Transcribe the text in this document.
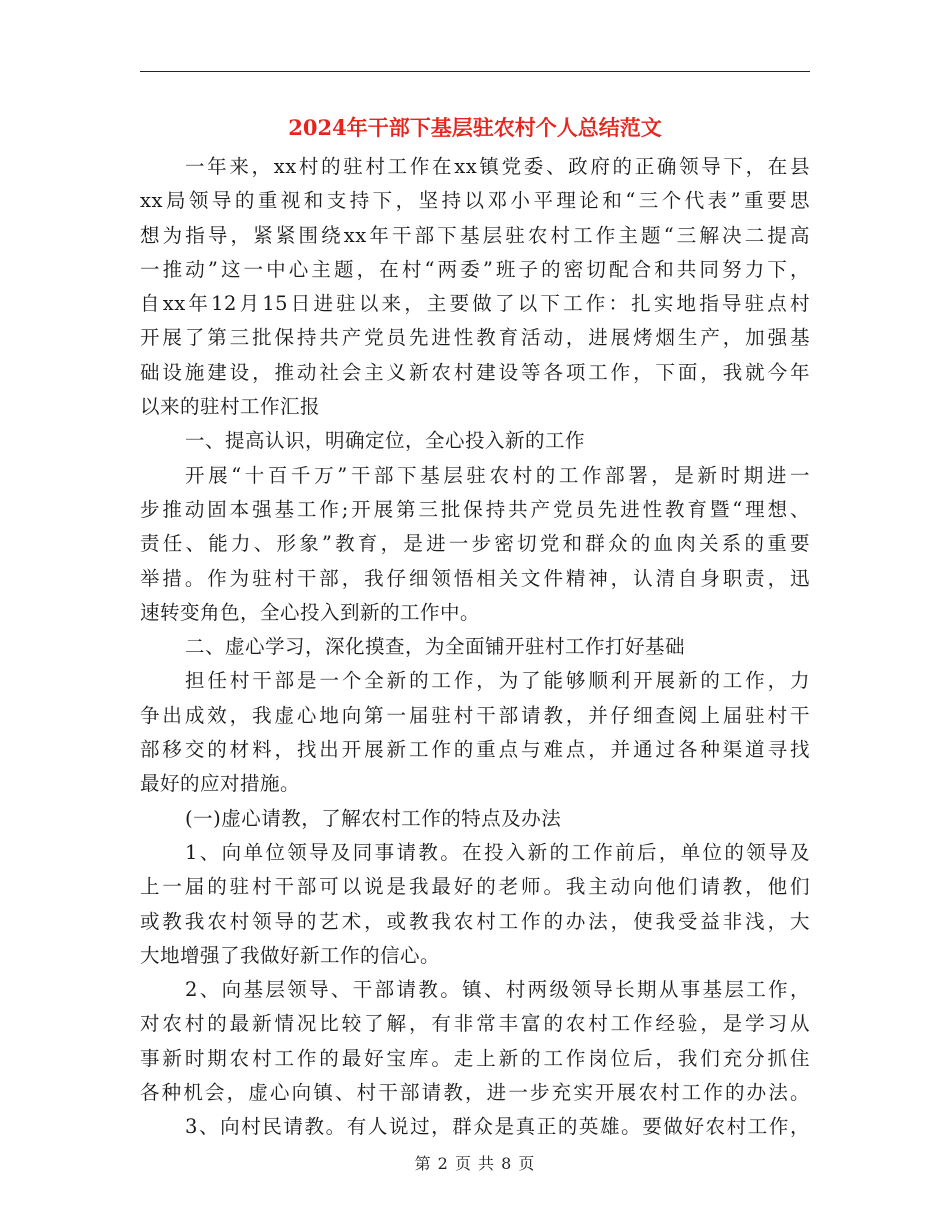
2024年干部下基层驻农村个人总结范文
一年来，xx村的驻村工作在xx镇党委、政府的正确领导下，在县
xx局领导的重视和支持下，坚持以邓小平理论和“三个代表”重要思
想为指导，紧紧围绕xx年干部下基层驻农村工作主题“三解决二提高
一推动”这一中心主题，在村“两委”班子的密切配合和共同努力下，
自xx年12月15日进驻以来，主要做了以下工作：扎实地指导驻点村
开展了第三批保持共产党员先进性教育活动，进展烤烟生产，加强基
础设施建设，推动社会主义新农村建设等各项工作，下面，我就今年
以来的驻村工作汇报
一、提高认识，明确定位，全心投入新的工作
开展“十百千万”干部下基层驻农村的工作部署，是新时期进一
步推动固本强基工作;开展第三批保持共产党员先进性教育暨“理想、
责任、能力、形象”教育，是进一步密切党和群众的血肉关系的重要
举措。作为驻村干部，我仔细领悟相关文件精神，认清自身职责，迅
速转变角色，全心投入到新的工作中。
二、虚心学习，深化摸查，为全面铺开驻村工作打好基础
担任村干部是一个全新的工作，为了能够顺利开展新的工作，力
争出成效，我虚心地向第一届驻村干部请教，并仔细查阅上届驻村干
部移交的材料，找出开展新工作的重点与难点，并通过各种渠道寻找
最好的应对措施。
(一)虚心请教，了解农村工作的特点及办法
1、向单位领导及同事请教。在投入新的工作前后，单位的领导及
上一届的驻村干部可以说是我最好的老师。我主动向他们请教，他们
或教我农村领导的艺术，或教我农村工作的办法，使我受益非浅，大
大地增强了我做好新工作的信心。
2、向基层领导、干部请教。镇、村两级领导长期从事基层工作，
对农村的最新情况比较了解，有非常丰富的农村工作经验，是学习从
事新时期农村工作的最好宝库。走上新的工作岗位后，我们充分抓住
各种机会，虚心向镇、村干部请教，进一步充实开展农村工作的办法。
3、向村民请教。有人说过，群众是真正的英雄。要做好农村工作，
第 2 页 共 8 页
